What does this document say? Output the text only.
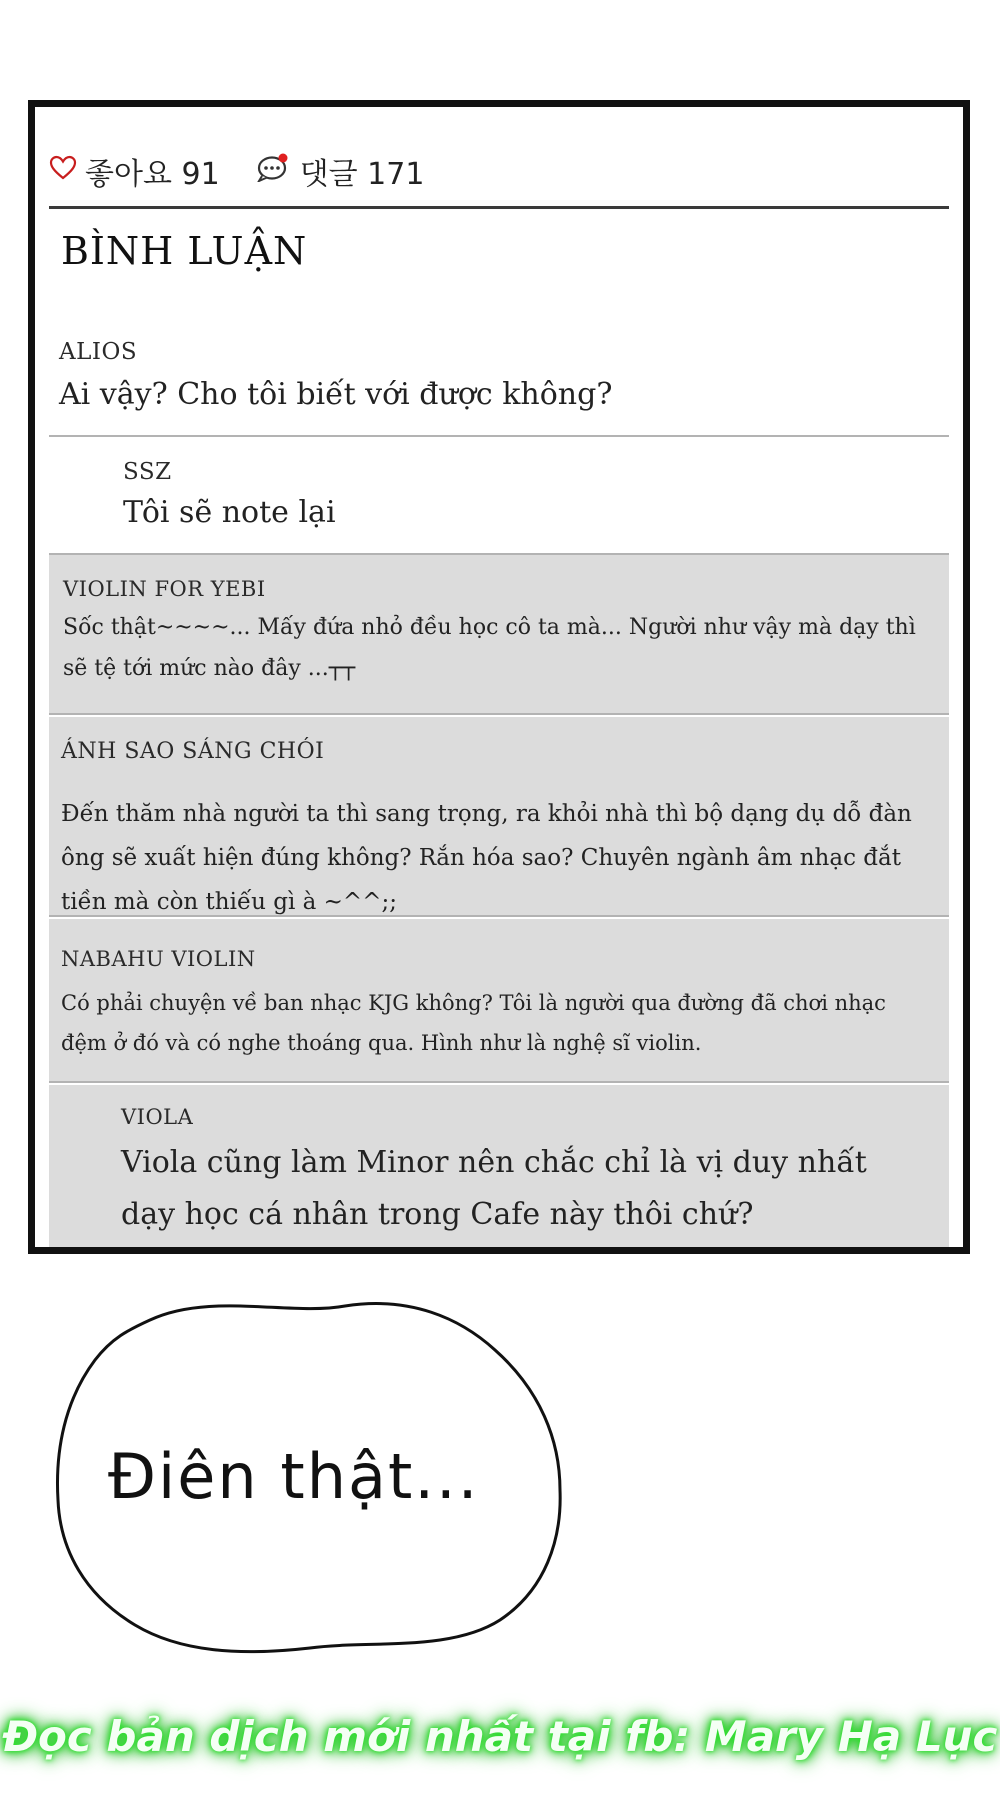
좋아요 91	댓글 171
BÌNH LUẬN
ALIOS
Ai vậy? Cho tôi biết với được không?
SSZ
Tôi sẽ note lại
VIOLIN FOR YEBI
Sốc thật~~~~... Mấy đứa nhỏ đều học cô ta mà... Người như vậy mà dạy thì sẽ tệ tới mức nào đây ...┬┬
ÁNH SAO SÁNG CHÓI
Đến thăm nhà người ta thì sang trọng, ra khỏi nhà thì bộ dạng dụ dỗ đàn ông sẽ xuất hiện đúng không? Rắn hóa sao? Chuyên ngành âm nhạc đắt tiền mà còn thiếu gì à ~^^;;
NABAHU VIOLIN
Có phải chuyện về ban nhạc KJG không? Tôi là người qua đường đã chơi nhạc đệm ở đó và có nghe thoáng qua. Hình như là nghệ sĩ violin.
VIOLA
Viola cũng làm Minor nên chắc chỉ là vị duy nhất dạy học cá nhân trong Cafe này thôi chứ?
Điên thật...
Đọc bản dịch mới nhất tại fb: Mary Hạ Lục
